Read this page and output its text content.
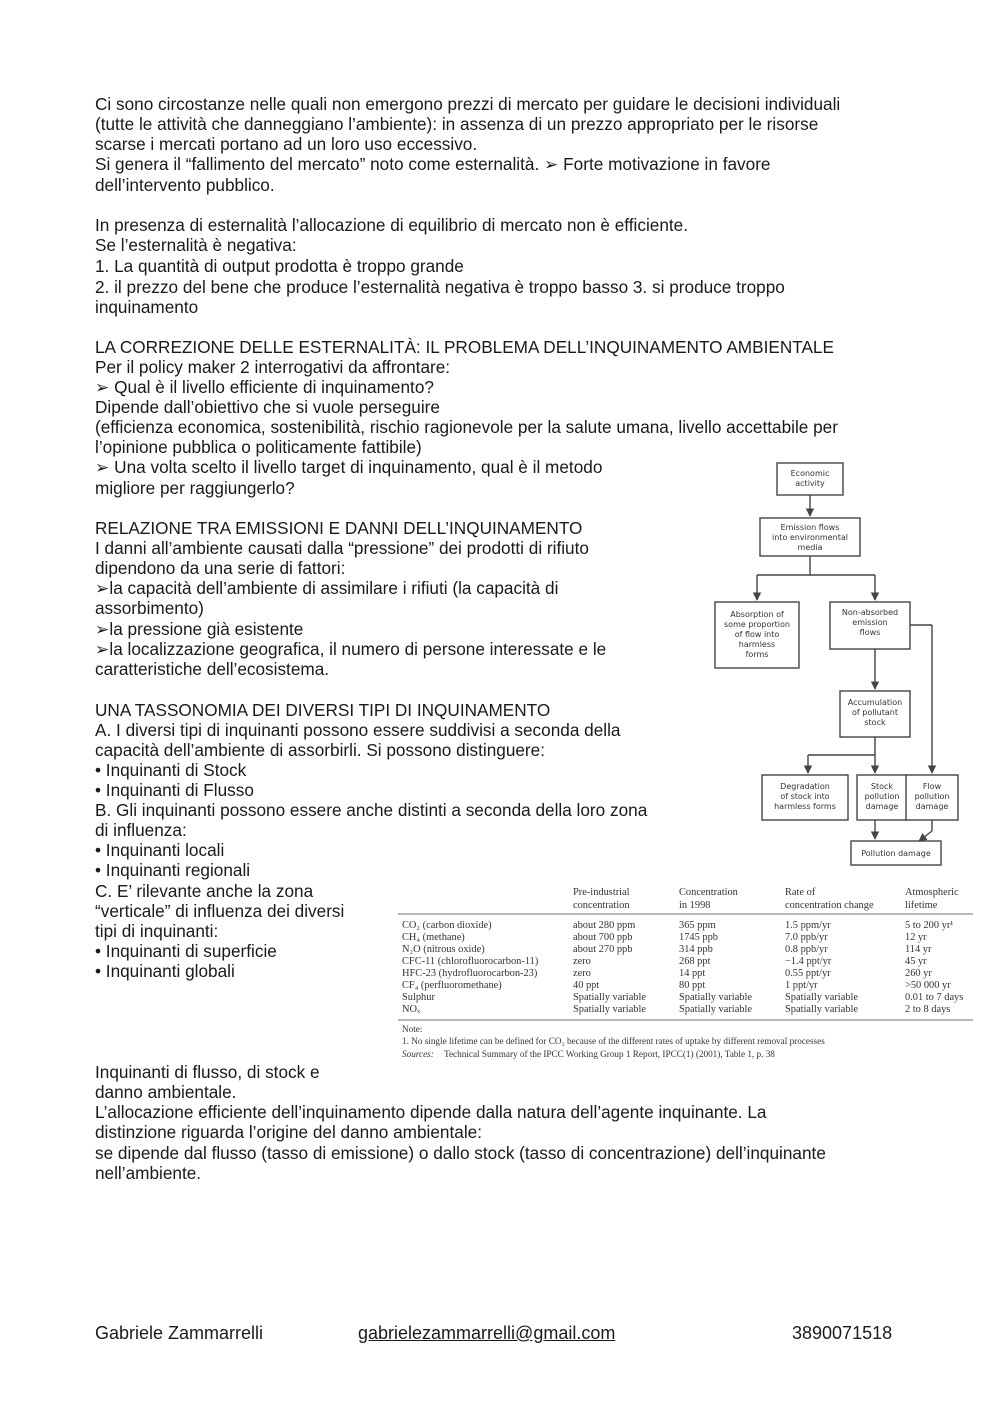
Ci sono circostanze nelle quali non emergono prezzi di mercato per guidare le decisioni individuali
(tutte le attività che danneggiano l’ambiente): in assenza di un prezzo appropriato per le risorse
scarse i mercati portano ad un loro uso eccessivo.
Si genera il “fallimento del mercato” noto come esternalità. ➢ Forte motivazione in favore
dell’intervento pubblico.
In presenza di esternalità l’allocazione di equilibrio di mercato non è efficiente.
Se l’esternalità è negativa:
1. La quantità di output prodotta è troppo grande
2. il prezzo del bene che produce l’esternalità negativa è troppo basso 3. si produce troppo
inquinamento
LA CORREZIONE DELLE ESTERNALITÀ: IL PROBLEMA DELL’INQUINAMENTO AMBIENTALE
Per il policy maker 2 interrogativi da affrontare:
➢ Qual è il livello efficiente di inquinamento?
Dipende dall’obiettivo che si vuole perseguire
(efficienza economica, sostenibilità, rischio ragionevole per la salute umana, livello accettabile per
l’opinione pubblica o politicamente fattibile)
➢ Una volta scelto il livello target di inquinamento, qual è il metodo
migliore per raggiungerlo?
RELAZIONE TRA EMISSIONI E DANNI DELL’INQUINAMENTO
I danni all’ambiente causati dalla “pressione” dei prodotti di rifiuto
dipendono da una serie di fattori:
➢la capacità dell’ambiente di assimilare i rifiuti (la capacità di
assorbimento)
➢la pressione già esistente
➢la localizzazione geografica, il numero di persone interessate e le
caratteristiche dell’ecosistema.
UNA TASSONOMIA DEI DIVERSI TIPI DI INQUINAMENTO
A. I diversi tipi di inquinanti possono essere suddivisi a seconda della
capacità dell’ambiente di assorbirli. Si possono distinguere:
• Inquinanti di Stock
• Inquinanti di Flusso
B. Gli inquinanti possono essere anche distinti a seconda della loro zona
di influenza:
• Inquinanti locali
• Inquinanti regionali
C. E’ rilevante anche la zona
“verticale” di influenza dei diversi
tipi di inquinanti:
• Inquinanti di superficie
• Inquinanti globali
Inquinanti di flusso, di stock e
danno ambientale.
L’allocazione efficiente dell’inquinamento dipende dalla natura dell’agente inquinante. La
distinzione riguarda l’origine del danno ambientale:
se dipende dal flusso (tasso di emissione) o dallo stock (tasso di concentrazione) dell’inquinante
nell’ambiente.
Economic activity
Emission flows into environmental media
Absorption of some proportion of flow into harmless forms
Non-absorbed emission flows
Accumulation of pollutant stock
Degradation of stock into harmless forms
Stock pollution damage
Flow pollution damage
Pollution damage
Pre-industrial
concentration
Concentration
in 1998
Rate of
concentration change
Atmospheric
lifetime
CO₂ (carbon dioxide)	about 280 ppm	365 ppm	1.5 ppm/yr	5 to 200 yr¹
CH₄ (methane)	about 700 ppb	1745 ppb	7.0 ppb/yr	12 yr
N₂O (nitrous oxide)	about 270 ppb	314 ppb	0.8 ppb/yr	114 yr
CFC-11 (chlorofluorocarbon-11)	zero	268 ppt	−1.4 ppt/yr	45 yr
HFC-23 (hydrofluorocarbon-23)	zero	14 ppt	0.55 ppt/yr	260 yr
CF₄ (perfluoromethane)	40 ppt	80 ppt	1 ppt/yr	>50 000 yr
Sulphur	Spatially variable	Spatially variable	Spatially variable	0.01 to 7 days
NOₓ	Spatially variable	Spatially variable	Spatially variable	2 to 8 days
Note:
1. No single lifetime can be defined for CO₂ because of the different rates of uptake by different removal processes
Sources: Technical Summary of the IPCC Working Group 1 Report, IPCC(1) (2001), Table 1, p. 38
Gabriele Zammarrelli	gabrielezammarrelli@gmail.com	3890071518
